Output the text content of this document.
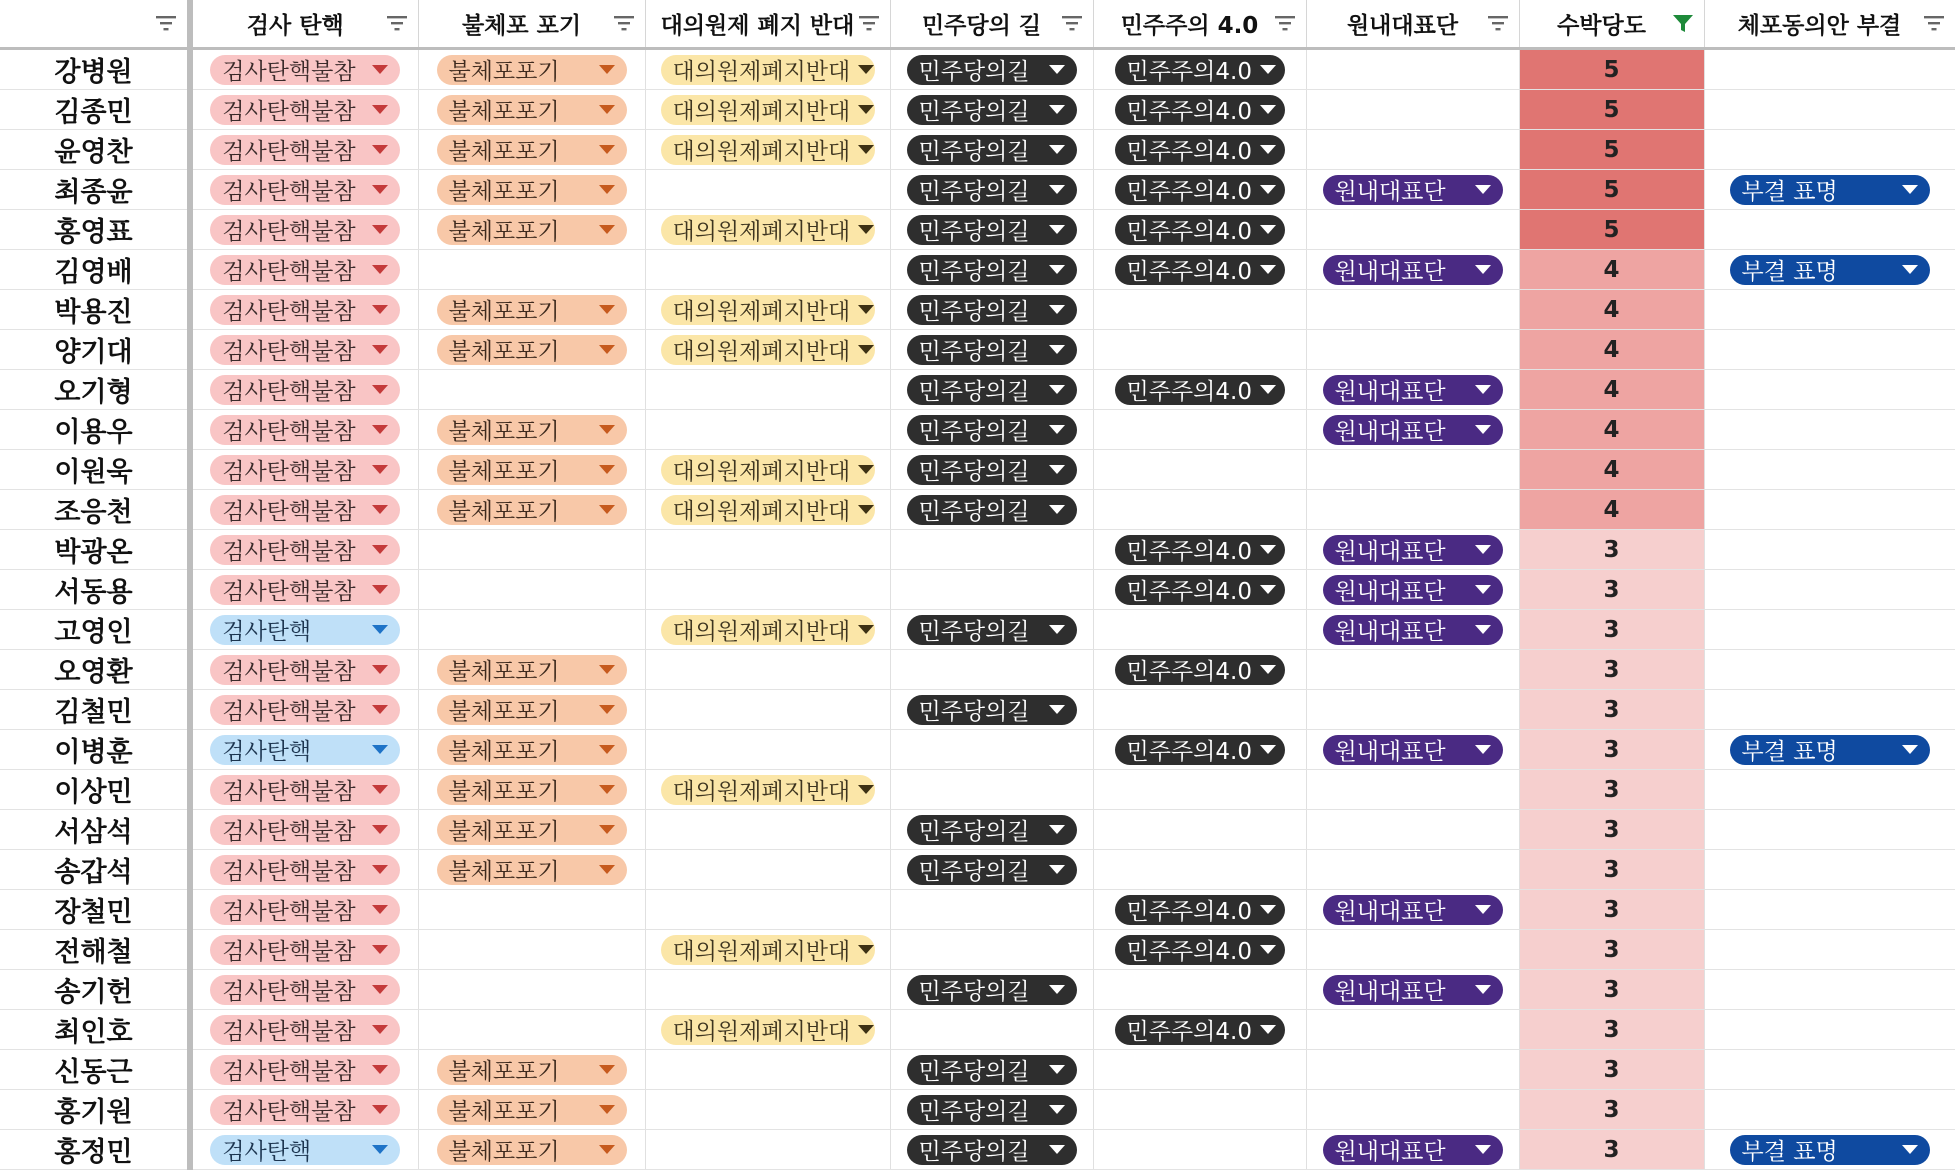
	검사 탄핵	불체포 포기	대의원제 폐지 반대	민주당의 길	민주주의 4.0	원내대표단	수박당도	체포동의안 부결

강병원	검사탄핵불참	불체포포기	대의원제폐지반대	민주당의길	민주주의4.0		5	
김종민	검사탄핵불참	불체포포기	대의원제폐지반대	민주당의길	민주주의4.0		5	
윤영찬	검사탄핵불참	불체포포기	대의원제폐지반대	민주당의길	민주주의4.0		5	
최종윤	검사탄핵불참	불체포포기		민주당의길	민주주의4.0	원내대표단	5	부결 표명

홍영표	검사탄핵불참	불체포포기	대의원제폐지반대	민주당의길	민주주의4.0		5	
김영배	검사탄핵불참			민주당의길	민주주의4.0	원내대표단	4	부결 표명

박용진	검사탄핵불참	불체포포기	대의원제폐지반대	민주당의길			4	
양기대	검사탄핵불참	불체포포기	대의원제폐지반대	민주당의길			4	
오기형	검사탄핵불참			민주당의길	민주주의4.0	원내대표단	4	
이용우	검사탄핵불참	불체포포기		민주당의길		원내대표단	4	
이원욱	검사탄핵불참	불체포포기	대의원제폐지반대	민주당의길			4	
조응천	검사탄핵불참	불체포포기	대의원제폐지반대	민주당의길			4	
박광온	검사탄핵불참				민주주의4.0	원내대표단	3	
서동용	검사탄핵불참				민주주의4.0	원내대표단	3	
고영인	검사탄핵		대의원제폐지반대	민주당의길		원내대표단	3	
오영환	검사탄핵불참	불체포포기			민주주의4.0		3	
김철민	검사탄핵불참	불체포포기		민주당의길			3	
이병훈	검사탄핵	불체포포기			민주주의4.0	원내대표단	3	부결 표명

이상민	검사탄핵불참	불체포포기	대의원제폐지반대				3	
서삼석	검사탄핵불참	불체포포기		민주당의길			3	
송갑석	검사탄핵불참	불체포포기		민주당의길			3	
장철민	검사탄핵불참				민주주의4.0	원내대표단	3	
전해철	검사탄핵불참		대의원제폐지반대		민주주의4.0		3	
송기헌	검사탄핵불참			민주당의길		원내대표단	3	
최인호	검사탄핵불참		대의원제폐지반대		민주주의4.0		3	
신동근	검사탄핵불참	불체포포기		민주당의길			3	
홍기원	검사탄핵불참	불체포포기		민주당의길			3	
홍정민	검사탄핵	불체포포기		민주당의길		원내대표단	3	부결 표명
